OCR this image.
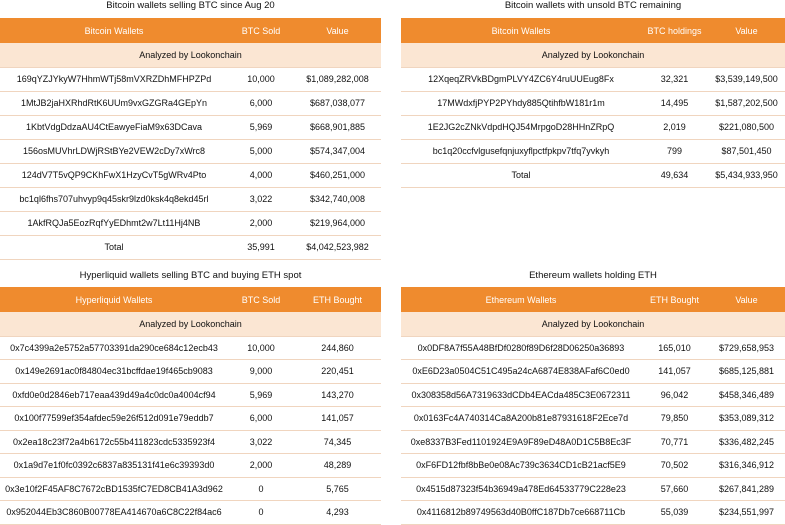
Bitcoin wallets selling BTC since Aug 20
Bitcoin Wallets	BTC Sold	Value
Analyzed by Lookonchain		
169qYZJYkyW7HhmWTj58mVXRZDhMFHPZPd	10,000	$1,089,282,008
1MtJB2jaHXRhdRtK6UUm9vxGZGRa4GEpYn	6,000	$687,038,077
1KbtVdgDdzaAU4CtEawyeFiaM9x63DCava	5,969	$668,901,885
156osMUVhrLDWjRStBYe2VEW2cDy7xWrc8	5,000	$574,347,004
124dV7T5vQP9CKhFwX1HzyCvT5gWRv4Pto	4,000	$460,251,000
bc1ql6fhs707uhvyp9q45skr9lzd0ksk4q8ekd45rl	3,022	$342,740,008
1AkfRQJa5EozRqfYyEDhmt2w7Lt11Hj4NB	2,000	$219,964,000
Total	35,991	$4,042,523,982
Bitcoin wallets with unsold BTC remaining
Bitcoin Wallets	BTC holdings	Value
Analyzed by Lookonchain		
12XqeqZRVkBDgmPLVY4ZC6Y4ruUUEug8Fx	32,321	$3,539,149,500
17MWdxfjPYP2PYhdy885QtihfbW181r1m	14,495	$1,587,202,500
1E2JG2cZNkVdpdHQJ54MrpgoD28HHnZRpQ	2,019	$221,080,500
bc1q20ccfvlgusefqnjuxyflpctfpkpv7tfq7yvkyh	799	$87,501,450
Total	49,634	$5,434,933,950
Hyperliquid wallets selling BTC and buying ETH spot
Hyperliquid Wallets	BTC Sold	ETH Bought
Analyzed by Lookonchain		
0x7c4399a2e5752a57703391da290ce684c12ecb43	10,000	244,860
0x149e2691ac0f84804ec31bcffdae19f465cb9083	9,000	220,451
0xfd0e0d2846eb717eaa439d49a4c0dc0a4004cf94	5,969	143,270
0x100f77599ef354afdec59e26f512d091e79eddb7	6,000	141,057
0x2ea18c23f72a4b6172c55b411823cdc5335923f4	3,022	74,345
0x1a9d7e1f0fc0392c6837a835131f41e6c39393d0	2,000	48,289
0x3e10f2F45AF8C7672cBD1535fC7ED8CB41A3d962	0	5,765
0x952044Eb3C860B00778EA414670a6C8C22f84ac6	0	4,293
Ethereum wallets holding ETH
Ethereum Wallets	ETH Bought	Value
Analyzed by Lookonchain		
0x0DF8A7f55A48BfDf0280f89D6f28D06250a36893	165,010	$729,658,953
0xE6D23a0504C51C495a24cA6874E838AFaf6C0ed0	141,057	$685,125,881
0x308358d56A7319633dCDb4EACda485C3E0672311	96,042	$458,346,489
0x0163Fc4A740314Ca8A200b81e87931618F2Ece7d	79,850	$353,089,312
0xe8337B3Fed1101924E9A9F89eD48A0D1C5B8Ec3F	70,771	$336,482,245
0xF6FD12fbf8bBe0e08Ac739c3634CD1cB21acf5E9	70,502	$316,346,912
0x4515d87323f54b36949a478Ed64533779C228e23	57,660	$267,841,289
0x4116812b89749563d40B0ffC187Db7ce668711Cb	55,039	$234,551,997
